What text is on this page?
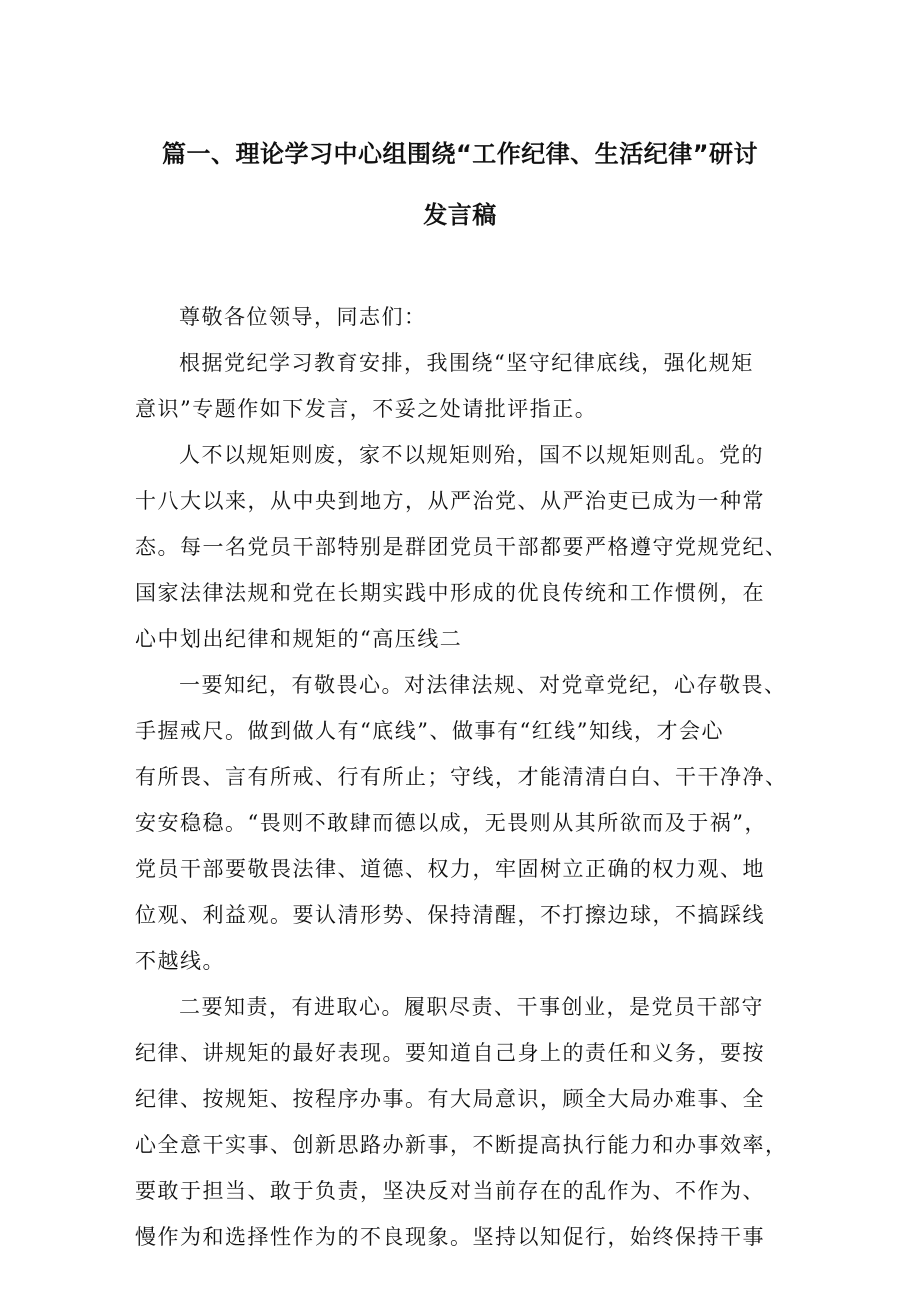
篇一、理论学习中心组围绕“工作纪律、生活纪律”研讨
发言稿
尊敬各位领导，同志们：
根据党纪学习教育安排，我围绕“坚守纪律底线，强化规矩
意识”专题作如下发言，不妥之处请批评指正。
人不以规矩则废，家不以规矩则殆，国不以规矩则乱。党的
十八大以来，从中央到地方，从严治党、从严治吏已成为一种常
态。每一名党员干部特别是群团党员干部都要严格遵守党规党纪、
国家法律法规和党在长期实践中形成的优良传统和工作惯例，在
心中划出纪律和规矩的“高压线二
一要知纪，有敬畏心。对法律法规、对党章党纪，心存敬畏、
手握戒尺。做到做人有“底线”、做事有“红线”知线，才会心
有所畏、言有所戒、行有所止；守线，才能清清白白、干干净净、
安安稳稳。“畏则不敢肆而德以成，无畏则从其所欲而及于祸”，
党员干部要敬畏法律、道德、权力，牢固树立正确的权力观、地
位观、利益观。要认清形势、保持清醒，不打擦边球，不搞踩线
不越线。
二要知责，有进取心。履职尽责、干事创业，是党员干部守
纪律、讲规矩的最好表现。要知道自己身上的责任和义务，要按
纪律、按规矩、按程序办事。有大局意识，顾全大局办难事、全
心全意干实事、创新思路办新事，不断提高执行能力和办事效率，
要敢于担当、敢于负责，坚决反对当前存在的乱作为、不作为、
慢作为和选择性作为的不良现象。坚持以知促行，始终保持干事
